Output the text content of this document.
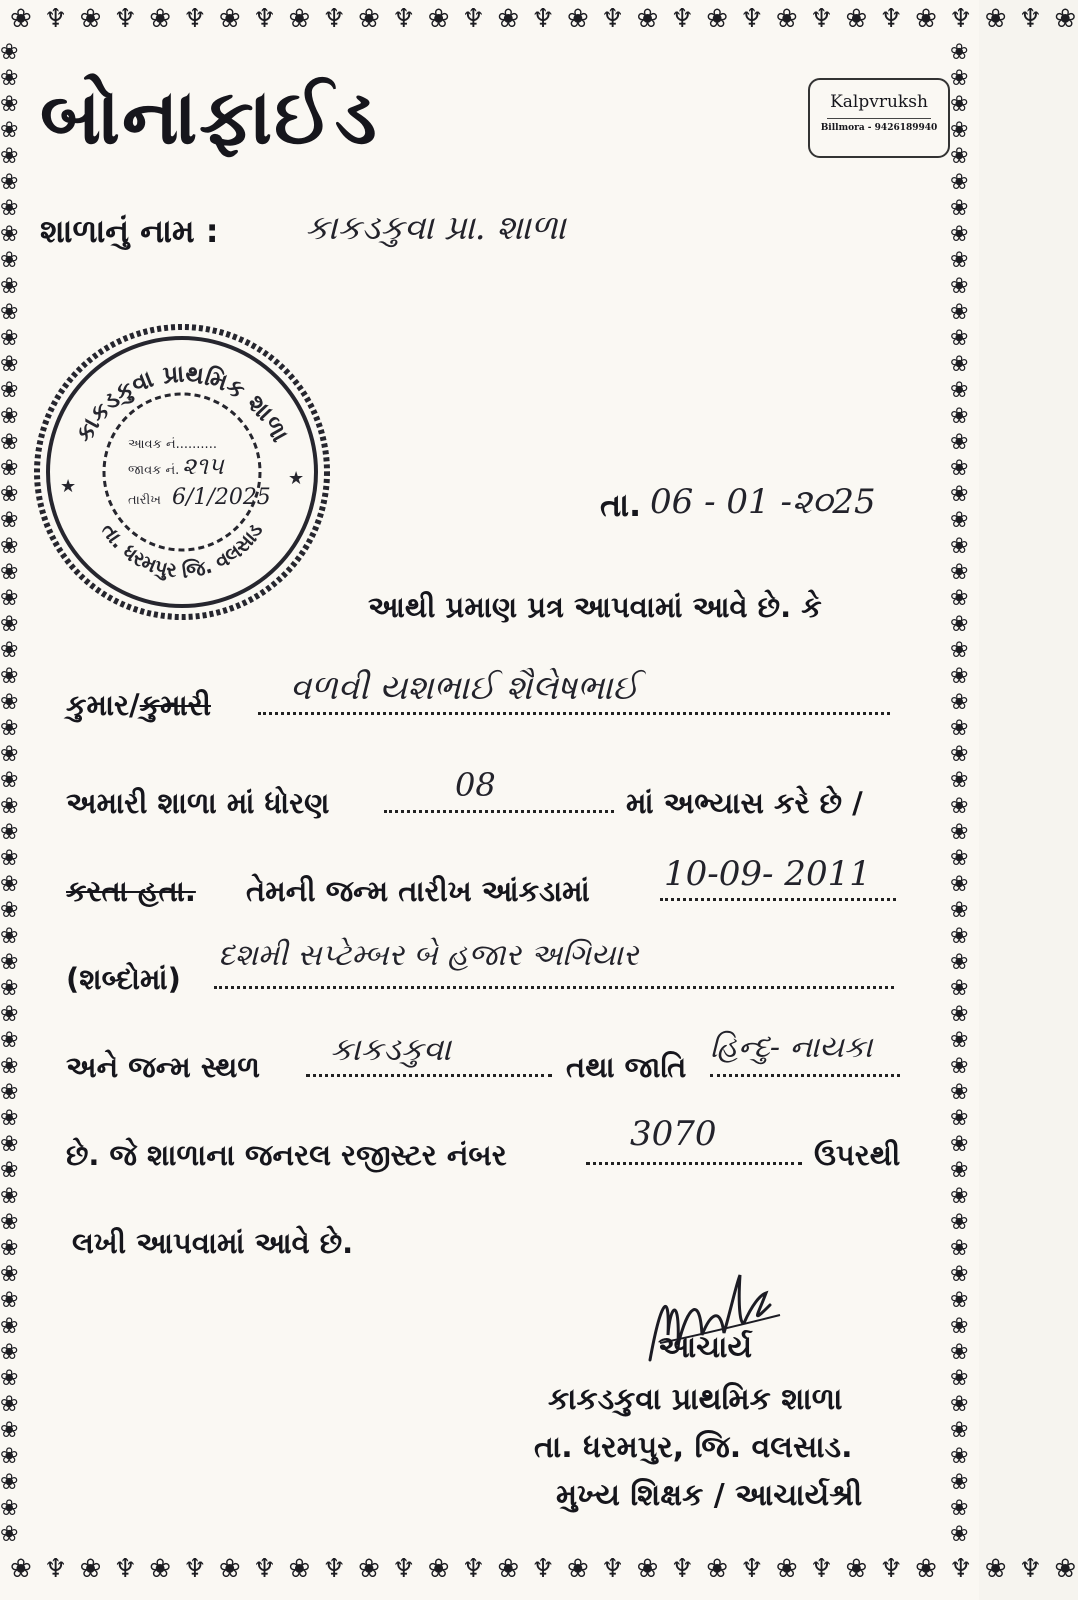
❀ ♆ ❀ ♆ ❀ ♆ ❀ ♆ ❀ ♆ ❀ ♆ ❀ ♆ ❀ ♆ ❀ ♆ ❀ ♆ ❀ ♆ ❀ ♆ ❀ ♆ ❀ ♆ ❀ ♆ ❀
❀ ♆ ❀ ♆ ❀ ♆ ❀ ♆ ❀ ♆ ❀ ♆ ❀ ♆ ❀ ♆ ❀ ♆ ❀ ♆ ❀ ♆ ❀ ♆ ❀ ♆ ❀ ♆ ❀ ♆ ❀
❀❀❀❀❀❀❀❀❀❀❀❀❀❀❀❀❀❀❀❀❀❀❀❀❀❀❀❀❀❀❀❀❀❀❀❀❀❀❀❀❀❀❀❀❀❀❀❀❀❀❀❀❀❀❀❀❀❀
❀❀❀❀❀❀❀❀❀❀❀❀❀❀❀❀❀❀❀❀❀❀❀❀❀❀❀❀❀❀❀❀❀❀❀❀❀❀❀❀❀❀❀❀❀❀❀❀❀❀❀❀❀❀❀❀❀❀
બોનાફાઈડ	Kalpvruksh
Billmora - 9426189940
શાળાનું નામ :	કાકડકુવા પ્રા. શાળા
કાકડકુવા પ્રાથમિક શાળા
તા. ધરમપુર જિ. વલસાડ
★	★
આવક નં..........
જાવક નં. ૨૧૫
તારીખ 6/1/2025	તા. 06 - 01 -૨૦25
આથી પ્રમાણ પ્રત્ર આપવામાં આવે છે. કે
કુમાર/કુમારી વળવી યશભાઈ શૈલેષભાઈ
અમારી શાળા માં ધોરણ	08	માં અભ્યાસ કરે છે /
કરતા હતા. તેમની જન્મ તારીખ આંકડામાં 10-09- 2011
(શબ્દોમાં)
દશમી સપ્ટેમ્બર બે હજાર અગિયાર
અને જન્મ સ્થળ કાકડકુવા	તથા જાતિ
હિન્દુ- નાયકા
છે. જે શાળાના જનરલ રજીસ્ટર નંબર
3070
ઉપરથી
લખી આપવામાં આવે છે.
આચાર્ય
કાકડકુવા પ્રાથમિક શાળા
તા. ધરમપુર, જિ. વલસાડ.
મુખ્ય શિક્ષક / આચાર્યશ્રી
